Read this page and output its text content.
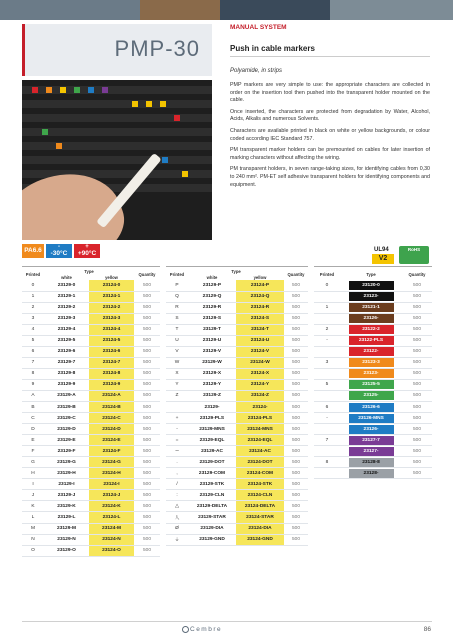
PMP-30
MANUAL SYSTEM
Push in cable markers
Polyamide, in strips

PMP markers are very simple to use: the appropriate characters are collected in order on the insertion tool then pushed into the transparent holder mounted on the cable.

Once inserted, the characters are protected from degradation by Water, Alcohol, Acids, Alkalis and numerous Solvents.

Characters are available printed in black on white or yellow backgrounds, or colour coded according IEC Standard 757.

PM transparent marker holders can be premounted on cables for later insertion of marking characters without affecting the wiring.

PM transparent holders, in seven range-taking sizes, for identifying cables from 0,30 to 240 mm². PM-ET self adhesive transparent holders for identifying components and equipment.

PA6.6	-
-30°C
+
+90°C	UL94
V2
RoHS
Printed	Type		Quantity
	white	yellow	
0	23129-0	23124-0	500
1	23129-1	23124-1	500
2	23129-2	23124-2	500
3	23129-3	23124-3	500
4	23129-4	23124-4	500
5	23129-5	23124-5	500
6	23129-6	23124-6	500
7	23129-7	23124-7	500
8	23129-8	23124-8	500
9	23129-9	23124-9	500
A	23129-A	23124-A	500
B	23129-B	23124-B	500
C	23129-C	23124-C	500
D	23129-D	23124-D	500
E	23129-E	23124-E	500
F	23129-F	23124-F	500
G	23129-G	23124-G	500
H	23129-H	23124-H	500
I	23129-I	23124-I	500
J	23129-J	23124-J	500
K	23129-K	23124-K	500
L	23129-L	23124-L	500
M	23129-M	23124-M	500
N	23129-N	23124-N	500
O	23129-O	23124-O	500
Printed	Type		Quantity
	white	yellow	
P	23129-P	23124-P	500
Q	23129-Q	23124-Q	500
R	23129-R	23124-R	500
S	23129-S	23124-S	500
T	23129-T	23124-T	500
U	23129-U	23124-U	500
V	23129-V	23124-V	500
W	23129-W	23124-W	500
X	23129-X	23124-X	500
Y	23129-Y	23124-Y	500
Z	23129-Z	23124-Z	500
	23129-	23124-	500
+	23129-PLS	23124-PLS	500
-	23129-MNS	23124-MNS	500
=	23129-EQL	23124-EQL	500
∼	23129-AC	23124-AC	500
.	23129-DOT	23124-DOT	500
,	23129-COM	23124-COM	500
/	23129-STK	23124-STK	500
:	23129-CLN	23124-CLN	500
△	23129-DELTA	23124-DELTA	500
人	23129-STAR	23124-STAR	500
Ø	23129-DIA	23124-DIA	500
⏚	23129-GND	23124-GND	500
Printed	Type	Quantity
0	23120-0	500
	23123-	500
1	23121-1	500
	23126-	500
2	23122-2	500
-	23122-PLS	500
	23122-	500
3	23123-3	500
	23123-	500
5	23125-5	500
	23125-	500
6	23126-6	500
-	23126-MNS	500
	23126-	500
7	23127-7	500
	23127-	500
8	23128-8	500
	23128-	500
Cembre	86
